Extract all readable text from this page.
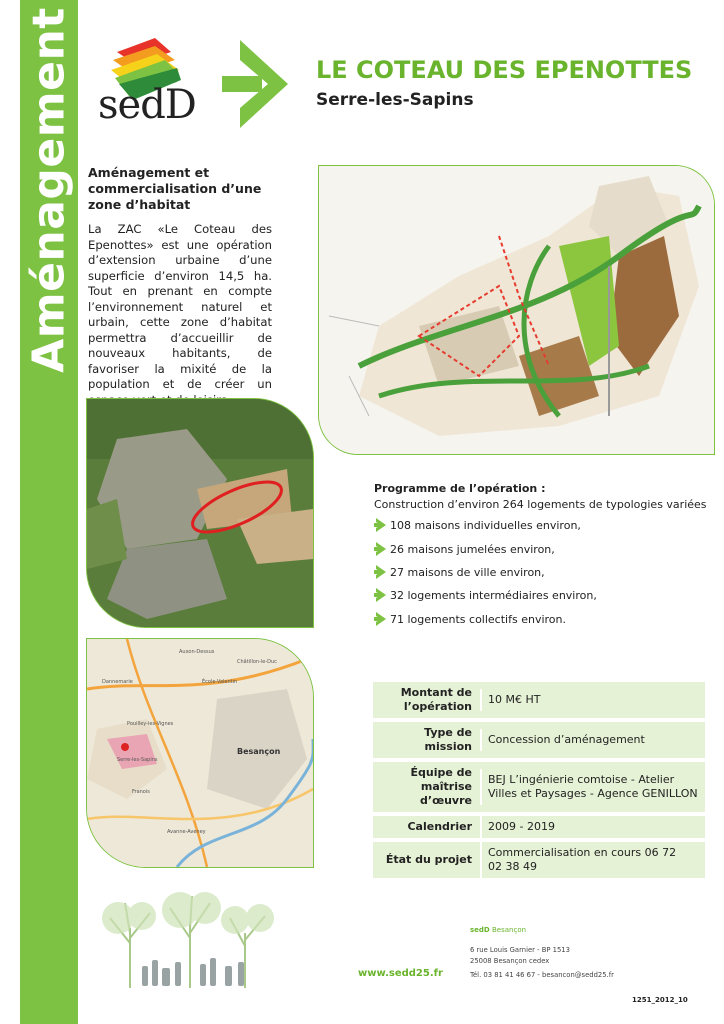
Aménagement sedD
LE COTEAU DES EPENOTTES
Serre-les-Sapins
Aménagement et commercialisation d’une zone d’habitat
La ZAC «Le Coteau des Epenottes» est une opération d’extension urbaine d’une superficie d’environ 14,5 ha. Tout en prenant en compte l’environnement naturel et urbain, cette zone d’habitat permettra d’accueillir de nouveaux habitants, de favoriser la mixité de la population et de créer un
Besançon
Serre-les-Sapins
Pouilley-les-Vignes
Auxon-Dessus
Châtillon-le-Duc
École-Valentin
Franois
Avanne-Aveney
Dannemarie
Programme de l’opération :
Construction d’environ 264 logements de typologies variées
108 maisons individuelles environ,
26 maisons jumelées environ,
27 maisons de ville environ,
32 logements intermédiaires environ,
71 logements collectifs environ.
Montant de l’opération
10 M€ HT
Type de mission
Concession d’aménagement
Équipe de maîtrise d’œuvre
BEJ L’ingénierie comtoise - Atelier Villes et Paysages - Agence GENILLON
Calendrier	2009 - 2019
État du projet
Commercialisation en cours 06 72 02 38 49
www.sedd25.fr
sedD Besançon
6 rue Louis Garnier - BP 1513
25008 Besançon cedex
Tél. 03 81 41 46 67 - besancon@sedd25.fr
1251_2012_10
